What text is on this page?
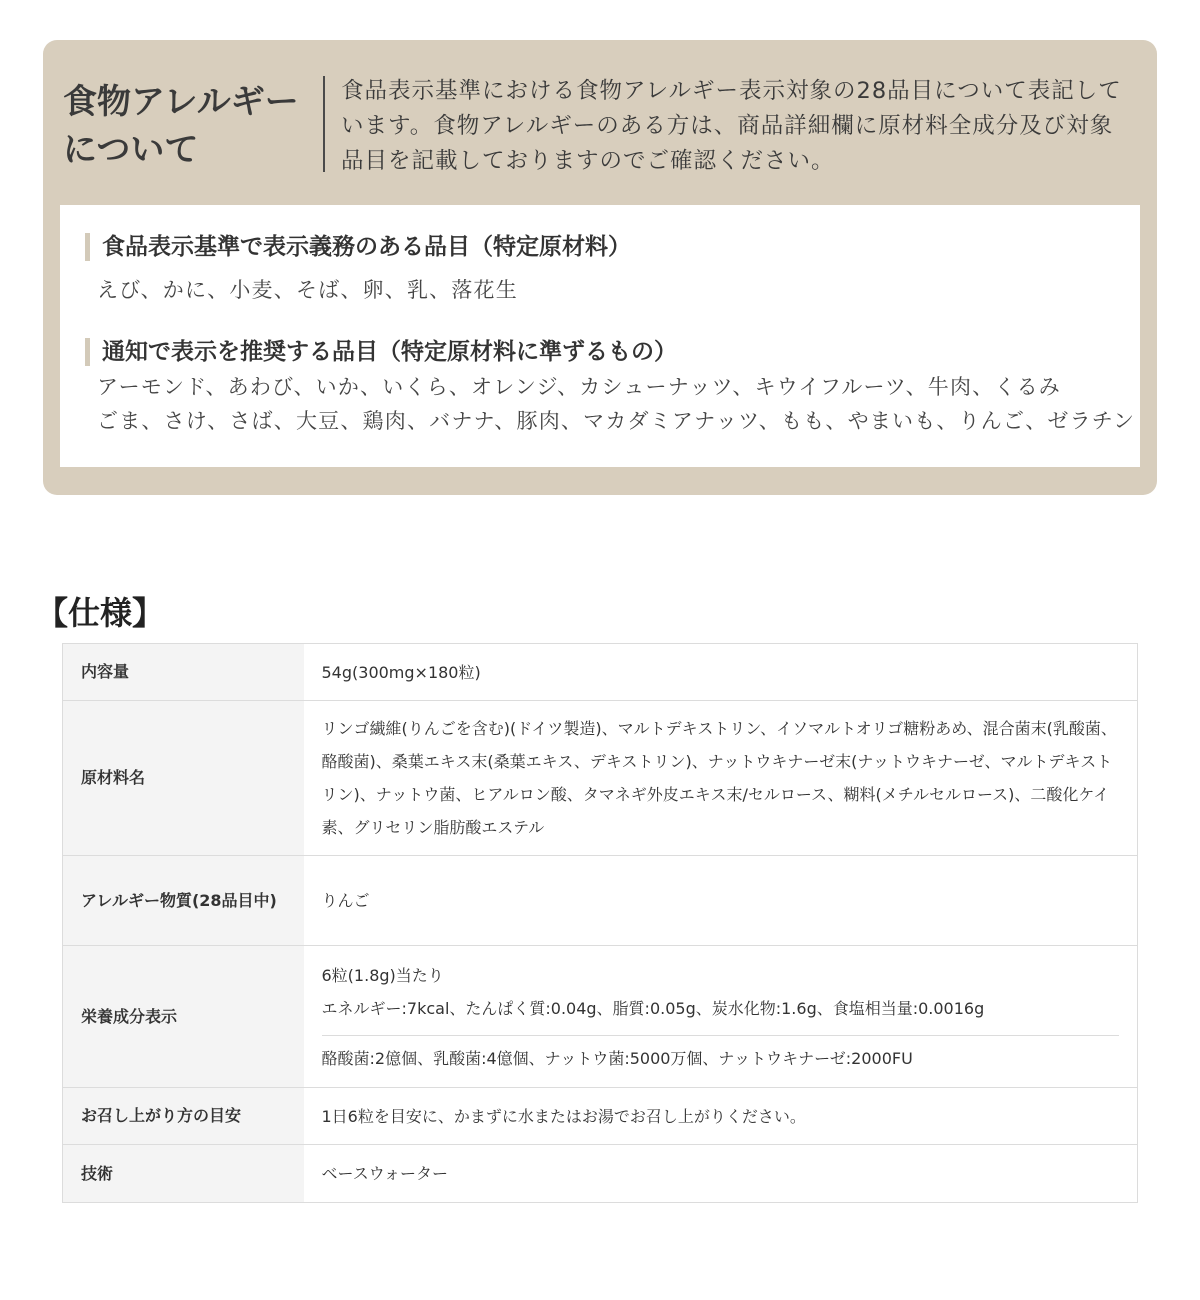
食物アレルギー
について

食品表示基準における食物アレルギー表示対象の28品目について表記しています。食物アレルギーのある方は、商品詳細欄に原材料全成分及び対象品目を記載しておりますのでご確認ください。

食品表示基準で表示義務のある品目（特定原材料）

えび、かに、小麦、そば、卵、乳、落花生

通知で表示を推奨する品目（特定原材料に準ずるもの）

アーモンド、あわび、いか、いくら、オレンジ、カシューナッツ、キウイフルーツ、牛肉、くるみ

ごま、さけ、さば、大豆、鶏肉、バナナ、豚肉、マカダミアナッツ、もも、やまいも、りんご、ゼラチン

【仕様】
内容量	54g(300mg×180粒)
原材料名	リンゴ繊維(りんごを含む)(ドイツ製造)、マルトデキストリン、イソマルトオリゴ糖粉あめ、混合菌末(乳酸菌、酪酸菌)、桑葉エキス末(桑葉エキス、デキストリン)、ナットウキナーゼ末(ナットウキナーゼ、マルトデキストリン)、ナットウ菌、ヒアルロン酸、タマネギ外皮エキス末/セルロース、糊料(メチルセルロース)、二酸化ケイ素、グリセリン脂肪酸エステル
アレルギー物質(28品目中)	りんご
栄養成分表示	6粒(1.8g)当たり
エネルギー:7kcal、たんぱく質:0.04g、脂質:0.05g、炭水化物:1.6g、食塩相当量:0.0016g
酪酸菌:2億個、乳酸菌:4億個、ナットウ菌:5000万個、ナットウキナーゼ:2000FU

お召し上がり方の目安	1日6粒を目安に、かまずに水またはお湯でお召し上がりください。
技術	ベースウォーター
